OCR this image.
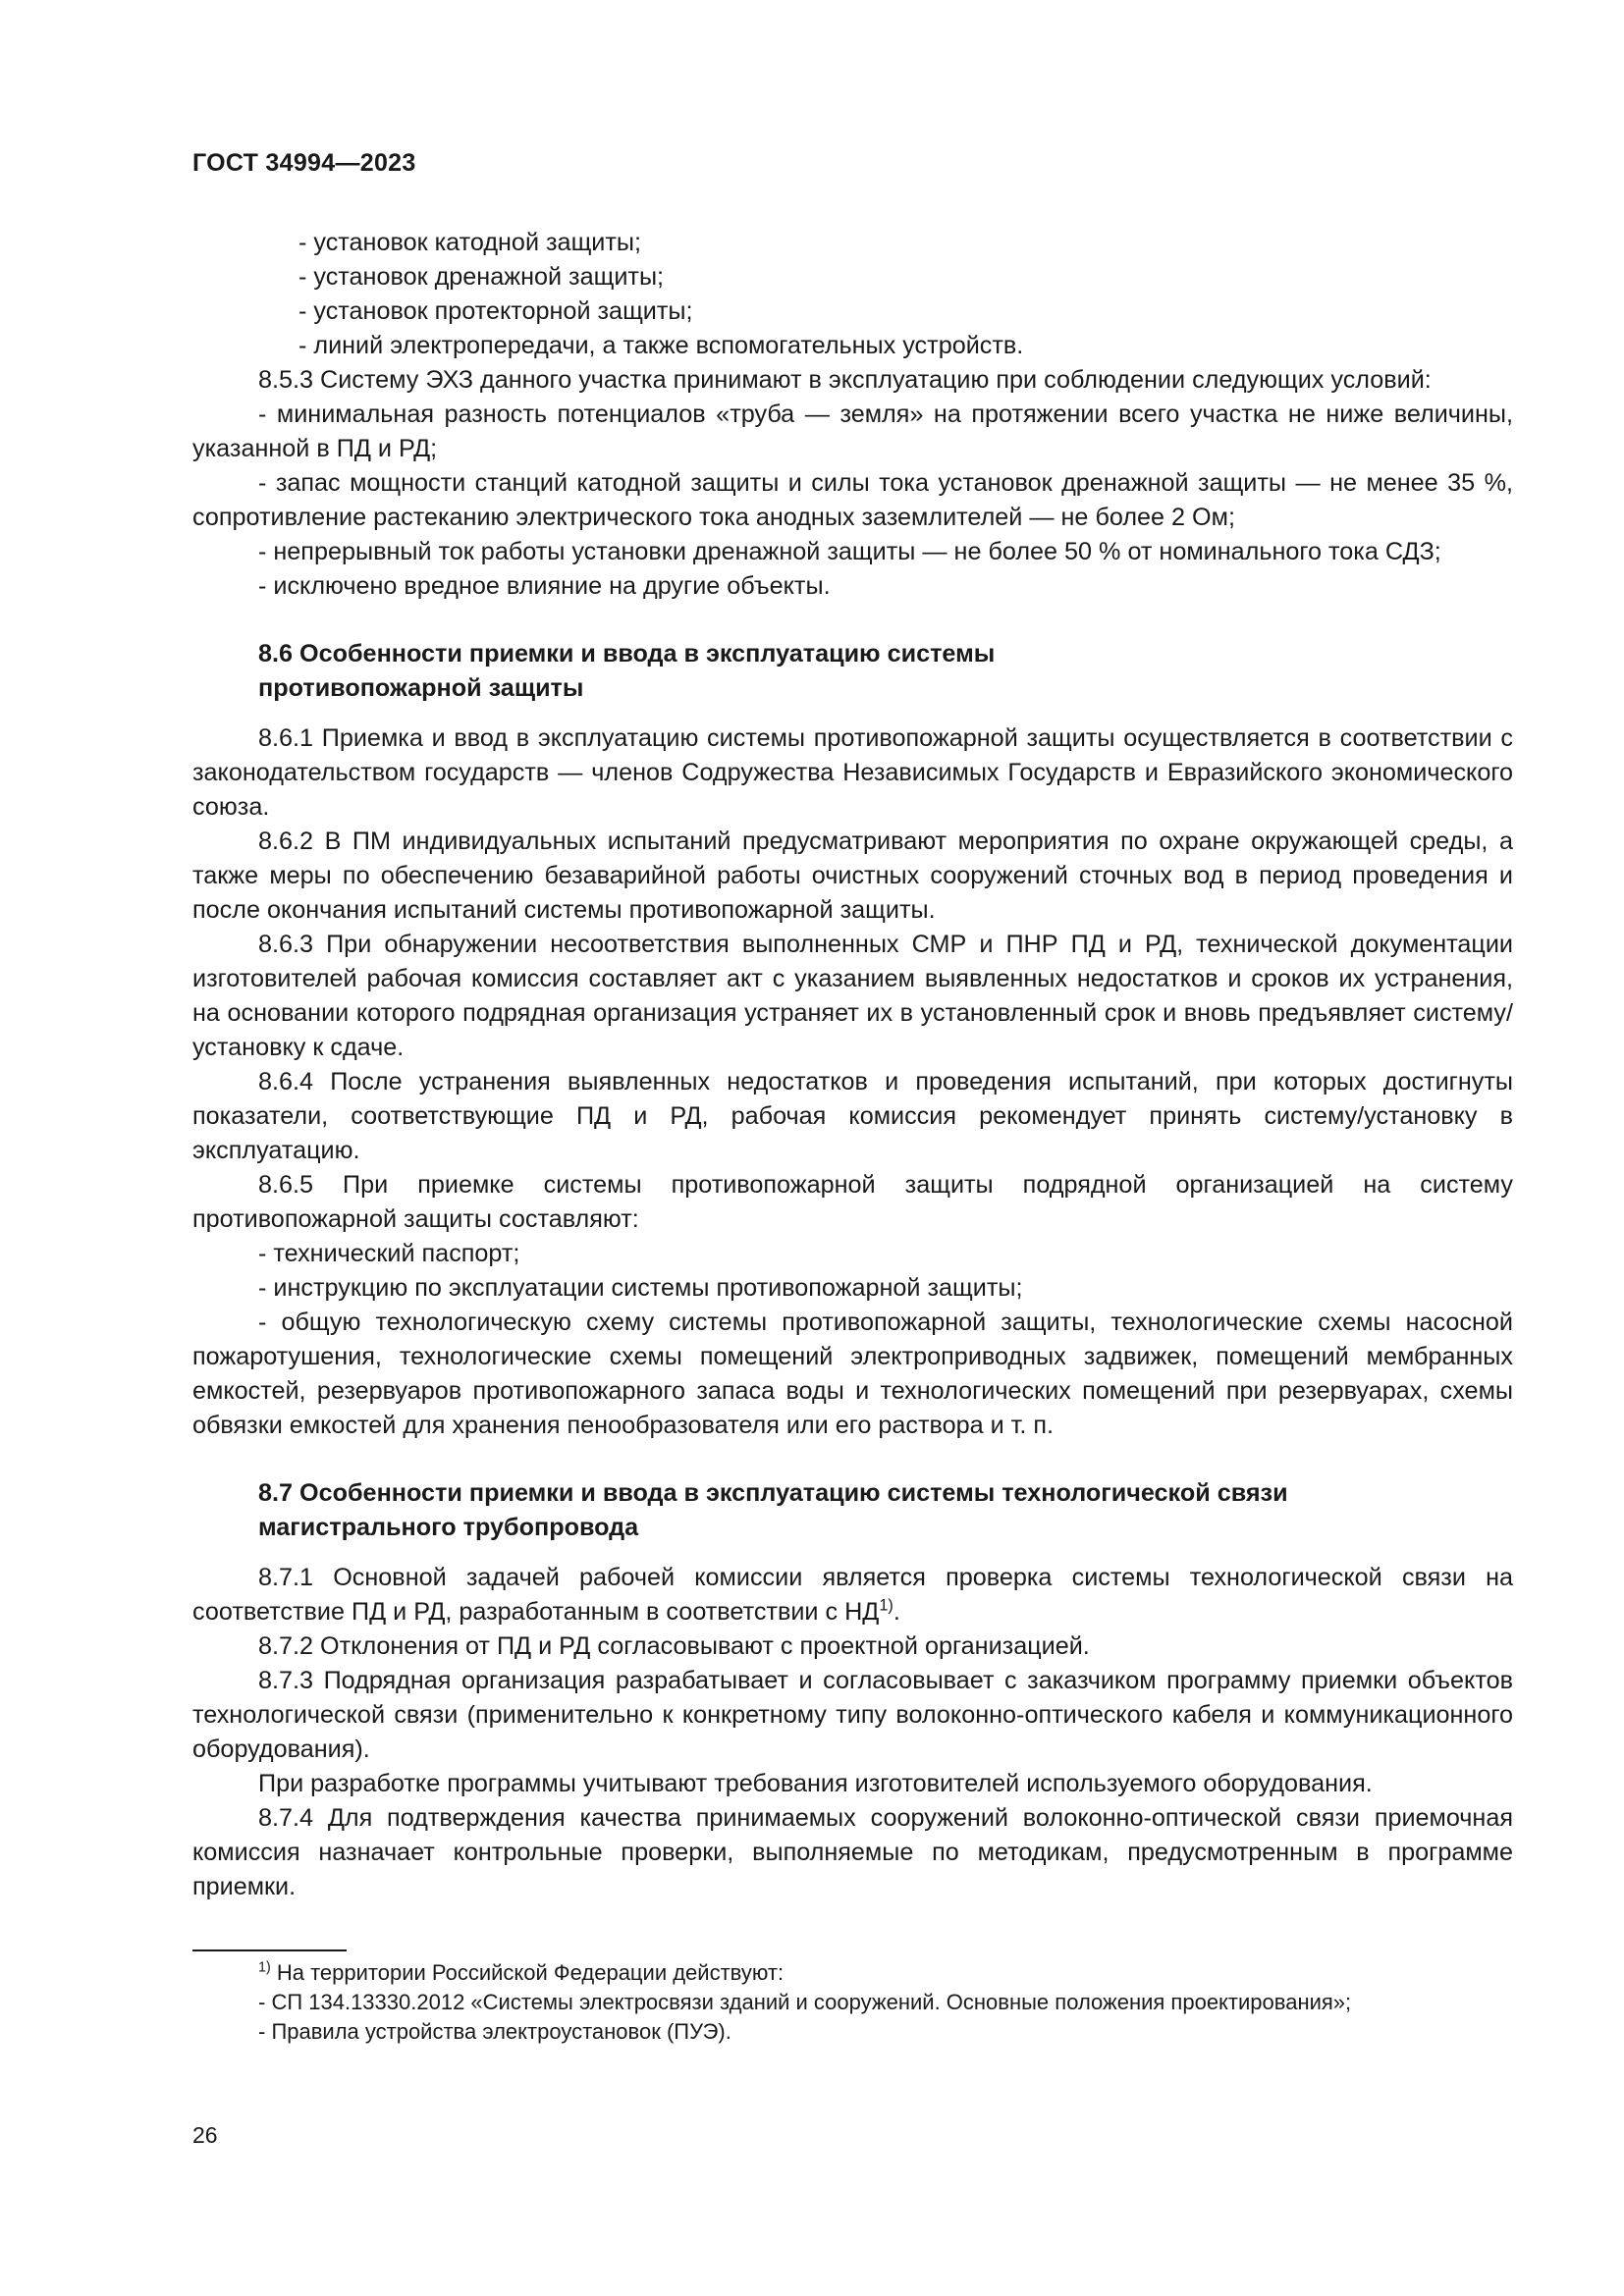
ГОСТ 34994—2023

- установок катодной защиты;

- установок дренажной защиты;

- установок протекторной защиты;

- линий электропередачи, а также вспомогательных устройств.

8.5.3 Систему ЭХЗ данного участка принимают в эксплуатацию при соблюдении следующих условий:

- минимальная разность потенциалов «труба — земля» на протяжении всего участка не ниже величины, указанной в ПД и РД;

- запас мощности станций катодной защиты и силы тока установок дренажной защиты — не менее 35 %, сопротивление растеканию электрического тока анодных заземлителей — не более 2 Ом;

- непрерывный ток работы установки дренажной защиты — не более 50 % от номинального тока СДЗ;

- исключено вредное влияние на другие объекты.

8.6 Особенности приемки и ввода в эксплуатацию системы
противопожарной защиты

8.6.1 Приемка и ввод в эксплуатацию системы противопожарной защиты осуществляется в соответствии с законодательством государств — членов Содружества Независимых Государств и Евразийского экономического союза.

8.6.2 В ПМ индивидуальных испытаний предусматривают мероприятия по охране окружающей среды, а также меры по обеспечению безаварийной работы очистных сооружений сточных вод в период проведения и после окончания испытаний системы противопожарной защиты.

8.6.3 При обнаружении несоответствия выполненных СМР и ПНР ПД и РД, технической документации изготовителей рабочая комиссия составляет акт с указанием выявленных недостатков и сроков их устранения, на основании которого подрядная организация устраняет их в установленный срок и вновь предъявляет систему/установку к сдаче.

8.6.4 После устранения выявленных недостатков и проведения испытаний, при которых достигнуты показатели, соответствующие ПД и РД, рабочая комиссия рекомендует принять систему/установку в эксплуатацию.

8.6.5 При приемке системы противопожарной защиты подрядной организацией на систему противопожарной защиты составляют:

- технический паспорт;

- инструкцию по эксплуатации системы противопожарной защиты;

- общую технологическую схему системы противопожарной защиты, технологические схемы насосной пожаротушения, технологические схемы помещений электроприводных задвижек, помещений мембранных емкостей, резервуаров противопожарного запаса воды и технологических помещений при резервуарах, схемы обвязки емкостей для хранения пенообразователя или его раствора и т. п.

8.7 Особенности приемки и ввода в эксплуатацию системы технологической связи
магистрального трубопровода

8.7.1 Основной задачей рабочей комиссии является проверка системы технологической связи на соответствие ПД и РД, разработанным в соответствии с НД$^{1)}$.

8.7.2 Отклонения от ПД и РД согласовывают с проектной организацией.

8.7.3 Подрядная организация разрабатывает и согласовывает с заказчиком программу приемки объектов технологической связи (применительно к конкретному типу волоконно-оптического кабеля и коммуникационного оборудования).

При разработке программы учитывают требования изготовителей используемого оборудования.

8.7.4 Для подтверждения качества принимаемых сооружений волоконно-оптической связи приемочная комиссия назначает контрольные проверки, выполняемые по методикам, предусмотренным в программе приемки.

$^{1)}$ На территории Российской Федерации действуют:

- СП 134.13330.2012 «Системы электросвязи зданий и сооружений. Основные положения проектирования»;

- Правила устройства электроустановок (ПУЭ).

26
